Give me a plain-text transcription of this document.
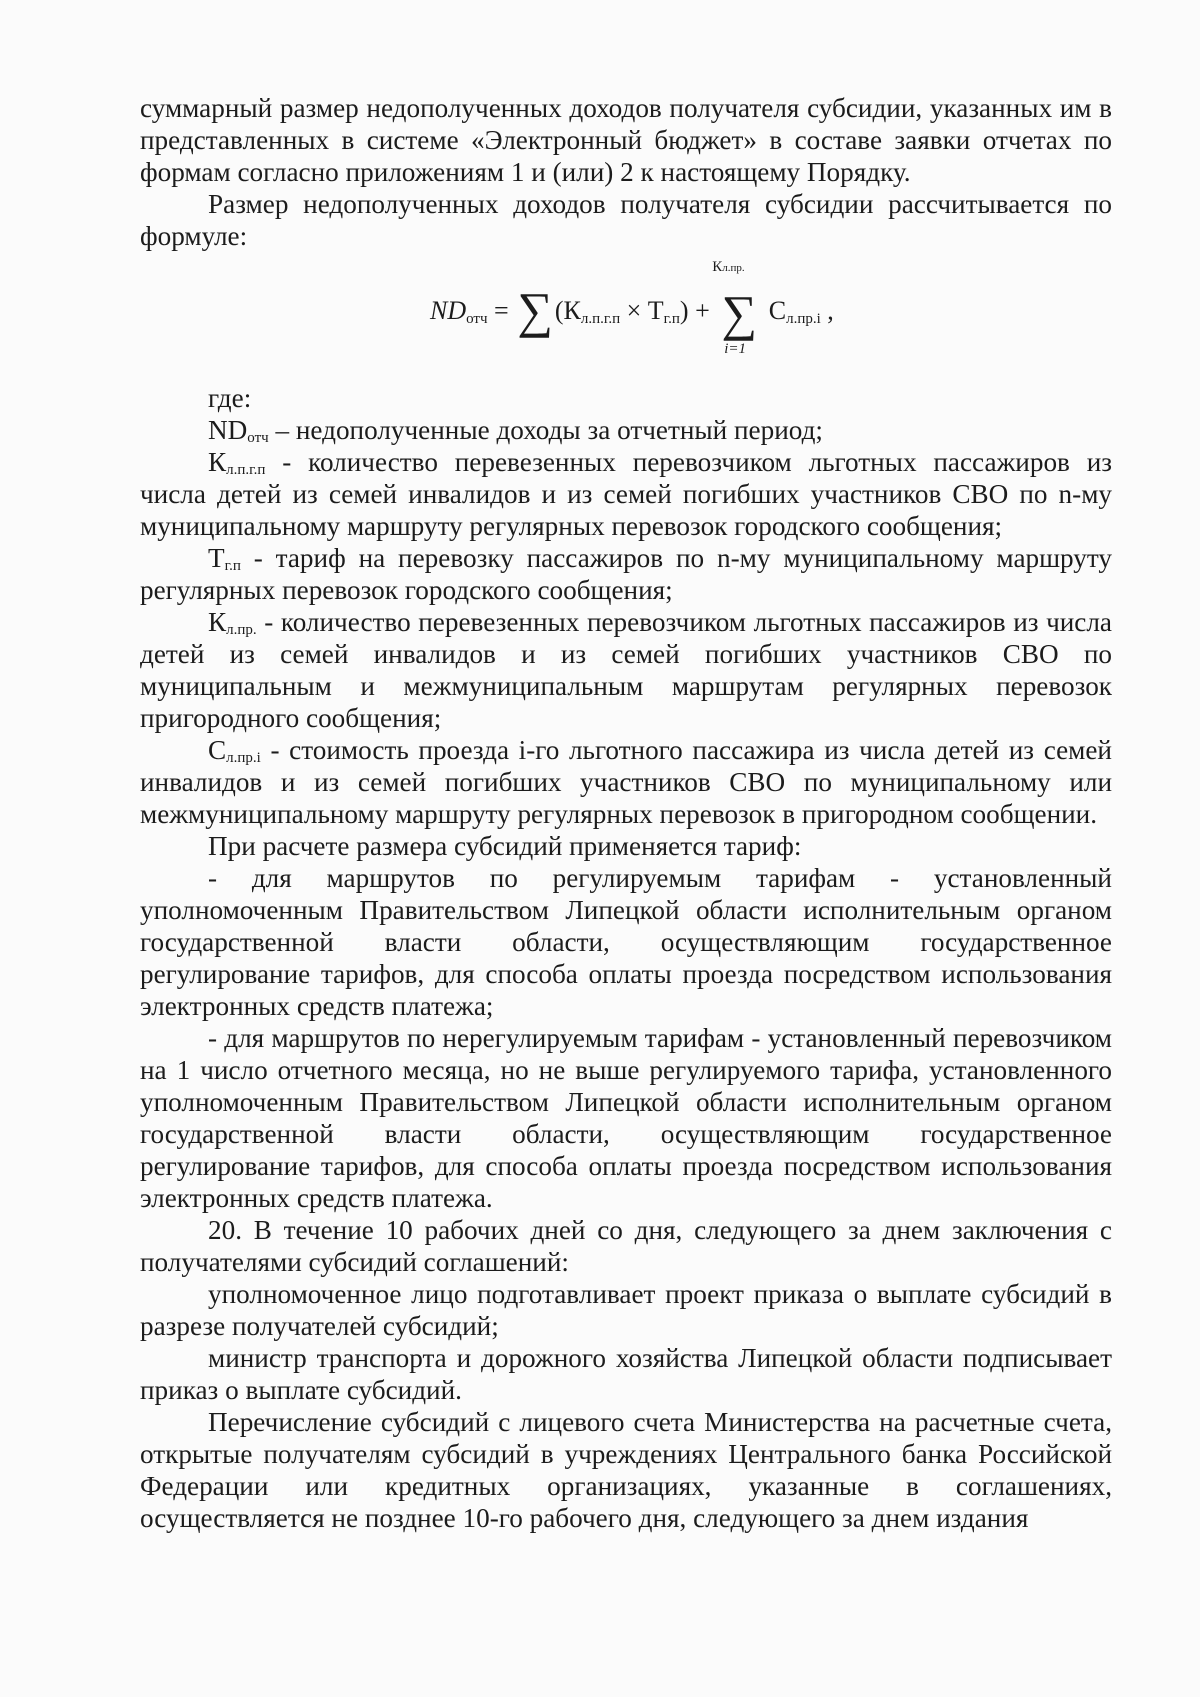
суммарный размер недополученных доходов получателя субсидии, указанных им в представленных в системе «Электронный бюджет» в составе заявки отчетах по формам согласно приложениям 1 и (или) 2 к настоящему Порядку.

Размер недополученных доходов получателя субсидии рассчитывается по формуле:

NDотч = ∑(Кл.п.г.п × Тг.п) +
Кл.пр.
∑
i=1
Сл.пр.i ,

где:

$ND_{отч}$ – недополученные доходы за отчетный период;

$К_{л.п.г.п}$ - количество перевезенных перевозчиком льготных пассажиров из числа детей из семей инвалидов и из семей погибших участников СВО по n-му муниципальному маршруту регулярных перевозок городского сообщения;

$Т_{г.п}$ - тариф на перевозку пассажиров по n-му муниципальному маршруту регулярных перевозок городского сообщения;

$К_{л.пр.}$ - количество перевезенных перевозчиком льготных пассажиров из числа детей из семей инвалидов и из семей погибших участников СВО по муниципальным и межмуниципальным маршрутам регулярных перевозок пригородного сообщения;

$С_{л.пр.i}$ - стоимость проезда i-го льготного пассажира из числа детей из семей инвалидов и из семей погибших участников СВО по муниципальному или межмуниципальному маршруту регулярных перевозок в пригородном сообщении.

При расчете размера субсидий применяется тариф:

- для маршрутов по регулируемым тарифам - установленный уполномоченным Правительством Липецкой области исполнительным органом государственной власти области, осуществляющим государственное регулирование тарифов, для способа оплаты проезда посредством использования электронных средств платежа;

- для маршрутов по нерегулируемым тарифам - установленный перевозчиком на 1 число отчетного месяца, но не выше регулируемого тарифа, установленного уполномоченным Правительством Липецкой области исполнительным органом государственной власти области, осуществляющим государственное регулирование тарифов, для способа оплаты проезда посредством использования электронных средств платежа.

20. В течение 10 рабочих дней со дня, следующего за днем заключения с получателями субсидий соглашений:

уполномоченное лицо подготавливает проект приказа о выплате субсидий в разрезе получателей субсидий;

министр транспорта и дорожного хозяйства Липецкой области подписывает приказ о выплате субсидий.

Перечисление субсидий с лицевого счета Министерства на расчетные счета, открытые получателям субсидий в учреждениях Центрального банка Российской Федерации или кредитных организациях, указанные в соглашениях, осуществляется не позднее 10-го рабочего дня, следующего за днем издания
